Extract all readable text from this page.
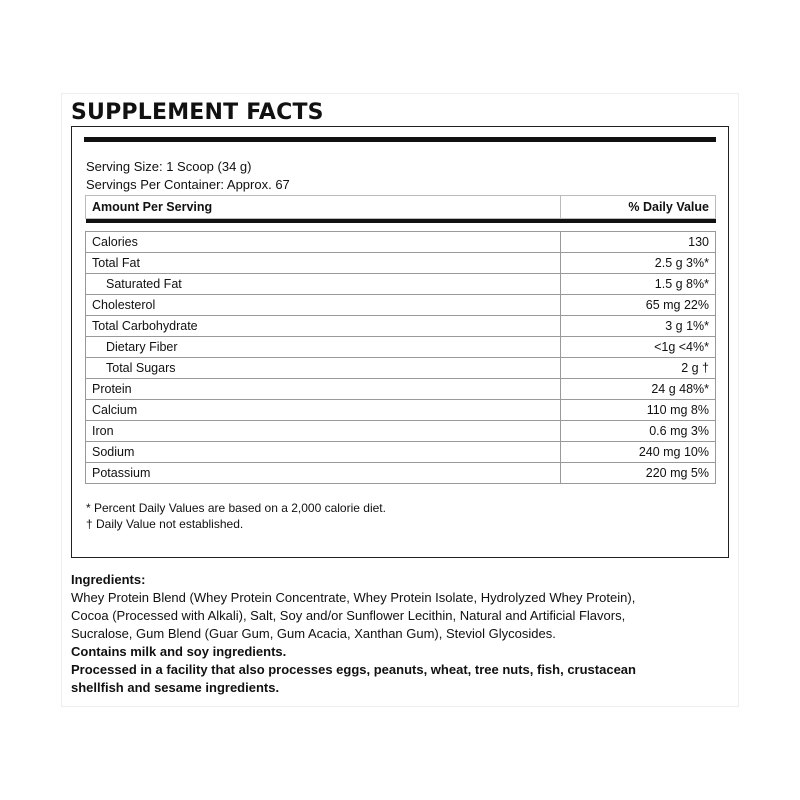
SUPPLEMENT FACTS
Serving Size: 1 Scoop (34 g)
Servings Per Container: Approx. 67
Amount Per Serving	% Daily Value

Calories	130
Total Fat	2.5 g 3%*
Saturated Fat	1.5 g 8%*
Cholesterol	65 mg 22%
Total Carbohydrate	3 g 1%*
Dietary Fiber	<1g <4%*
Total Sugars	2 g †
Protein	24 g 48%*
Calcium	110 mg 8%
Iron	0.6 mg 3%
Sodium	240 mg 10%
Potassium	220 mg 5%
* Percent Daily Values are based on a 2,000 calorie diet.
† Daily Value not established.
Ingredients:
Whey Protein Blend (Whey Protein Concentrate, Whey Protein Isolate, Hydrolyzed Whey Protein),
Cocoa (Processed with Alkali), Salt, Soy and/or Sunflower Lecithin, Natural and Artificial Flavors,
Sucralose, Gum Blend (Guar Gum, Gum Acacia, Xanthan Gum), Steviol Glycosides.
Contains milk and soy ingredients.
Processed in a facility that also processes eggs, peanuts, wheat, tree nuts, fish, crustacean
shellfish and sesame ingredients.
